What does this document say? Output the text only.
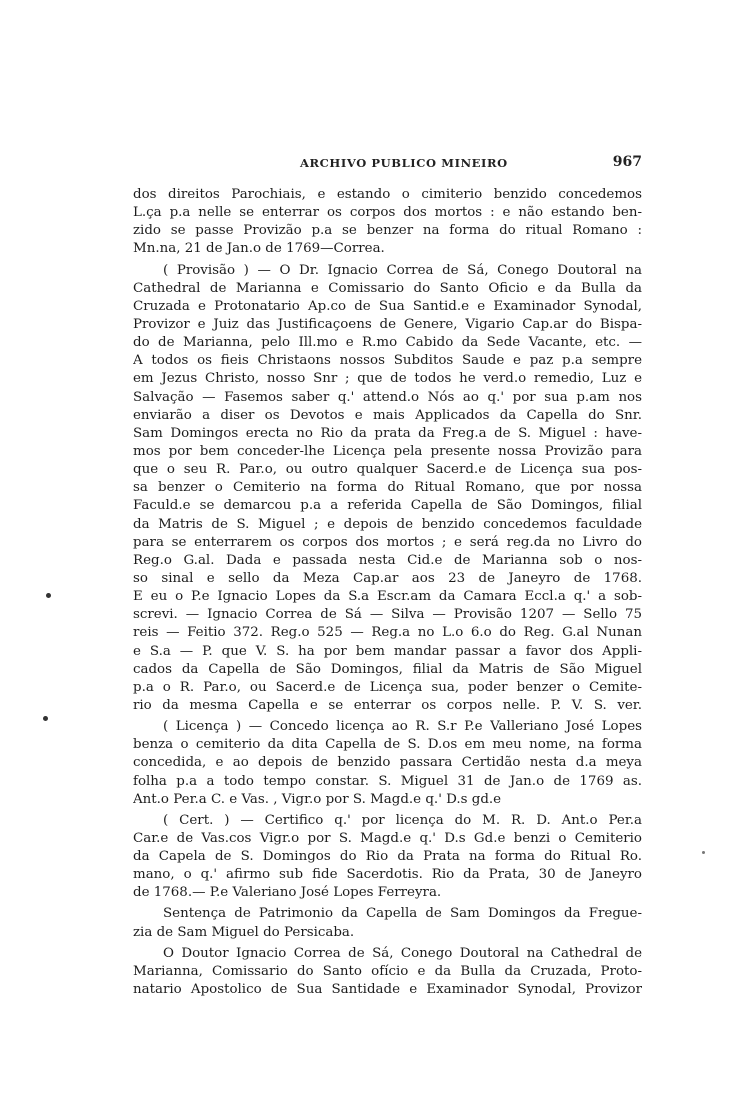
ARCHIVO PUBLICO MINEIRO	967
dos direitos Parochiais, e estando o cimiterio benzido concedemos
L.ça p.a nelle se enterrar os corpos dos mortos : e não estando ben-
zido se passe Provizão p.a se benzer na forma do ritual Romano :
Mn.na, 21 de Jan.o de 1769—Correa.
( Provisão ) — O Dr. Ignacio Correa de Sá, Conego Doutoral na
Cathedral de Marianna e Comissario do Santo Oficio e da Bulla da
Cruzada e Protonatario Ap.co de Sua Santid.e e Examinador Synodal,
Provizor e Juiz das Justificaçoens de Genere, Vigario Cap.ar do Bispa-
do de Marianna, pelo Ill.mo e R.mo Cabido da Sede Vacante, etc. —
A todos os fieis Christaons nossos Subditos Saude e paz p.a sempre
em Jezus Christo, nosso Snr ; que de todos he verd.o remedio, Luz e
Salvação — Fasemos saber q.' attend.o Nós ao q.' por sua p.am nos
enviarão a diser os Devotos e mais Applicados da Capella do Snr.
Sam Domingos erecta no Rio da prata da Freg.a de S. Miguel : have-
mos por bem conceder-lhe Licença pela presente nossa Provizão para
que o seu R. Par.o, ou outro qualquer Sacerd.e de Licença sua pos-
sa benzer o Cemiterio na forma do Ritual Romano, que por nossa
Faculd.e se demarcou p.a a referida Capella de São Domingos, filial
da Matris de S. Miguel ; e depois de benzido concedemos faculdade
para se enterrarem os corpos dos mortos ; e será reg.da no Livro do
Reg.o G.al. Dada e passada nesta Cid.e de Marianna sob o nos-
so sinal e sello da Meza Cap.ar aos 23 de Janeyro de 1768.
E eu o P.e Ignacio Lopes da S.a Escr.am da Camara Eccl.a q.' a sob-
screvi. — Ignacio Correa de Sá — Silva — Provisão 1207 — Sello 75
reis — Feitio 372. Reg.o 525 — Reg.a no L.o 6.o do Reg. G.al Nunan
e S.a — P. que V. S. ha por bem mandar passar a favor dos Appli-
cados da Capella de São Domingos, filial da Matris de São Miguel
p.a o R. Par.o, ou Sacerd.e de Licença sua, poder benzer o Cemite-
rio da mesma Capella e se enterrar os corpos nelle. P. V. S. ver.
( Licença ) — Concedo licença ao R. S.r P.e Valleriano José Lopes
benza o cemiterio da dita Capella de S. D.os em meu nome, na forma
concedida, e ao depois de benzido passara Certidão nesta d.a meya
folha p.a a todo tempo constar. S. Miguel 31 de Jan.o de 1769 as.
Ant.o Per.a C. e Vas. , Vigr.o por S. Magd.e q.' D.s gd.e
( Cert. ) — Certifico q.' por licença do M. R. D. Ant.o Per.a
Car.e de Vas.cos Vigr.o por S. Magd.e q.' D.s Gd.e benzi o Cemiterio
da Capela de S. Domingos do Rio da Prata na forma do Ritual Ro.
mano, o q.' afirmo sub fide Sacerdotis. Rio da Prata, 30 de Janeyro
de 1768.— P.e Valeriano José Lopes Ferreyra.
Sentença de Patrimonio da Capella de Sam Domingos da Fregue-
zia de Sam Miguel do Persicaba.
O Doutor Ignacio Correa de Sá, Conego Doutoral na Cathedral de
Marianna, Comissario do Santo ofício e da Bulla da Cruzada, Proto-
natario Apostolico de Sua Santidade e Examinador Synodal, Provizor
